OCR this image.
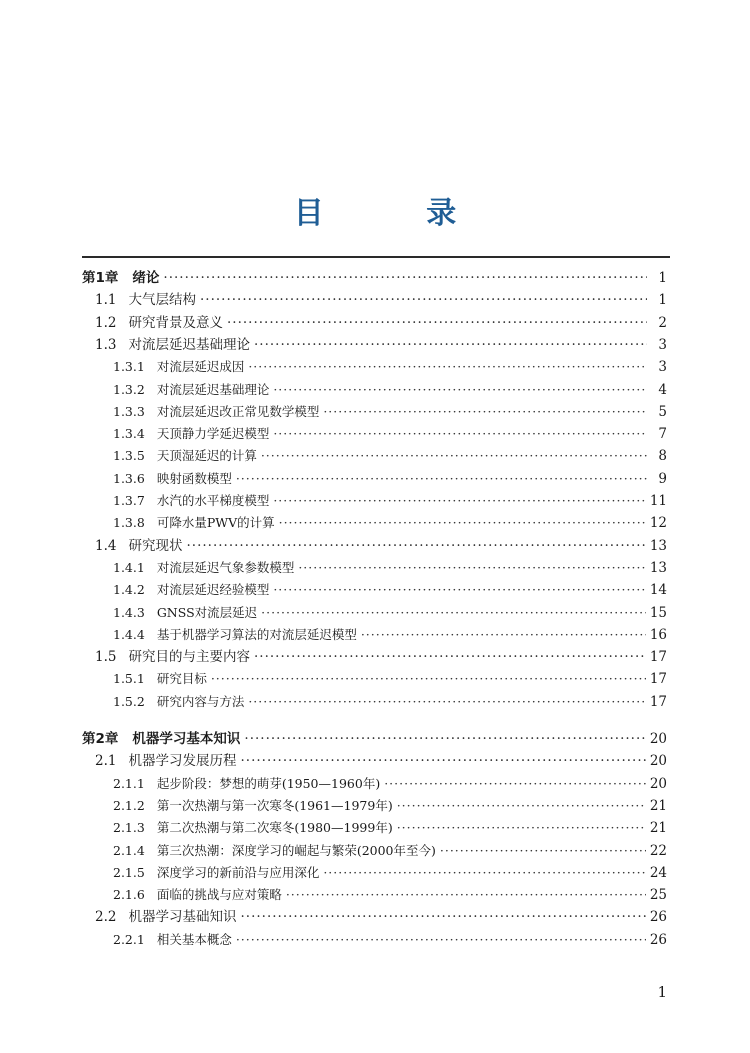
目 录
第1章 绪论 ·····	1
1.1 大气层结构 ·····	1
1.2 研究背景及意义 ·····	2
1.3 对流层延迟基础理论 ·····	3
1.3.1 对流层延迟成因 ·····	3
1.3.2 对流层延迟基础理论 ·····	4
1.3.3 对流层延迟改正常见数学模型 ·····	5
1.3.4 天顶静力学延迟模型 ·····	7
1.3.5 天顶湿延迟的计算 ·····	8
1.3.6 映射函数模型 ·····	9
1.3.7 水汽的水平梯度模型 ·····	11
1.3.8 可降水量PWV的计算 ·····	12
1.4 研究现状 ·····	13
1.4.1 对流层延迟气象参数模型 ·····	13
1.4.2 对流层延迟经验模型 ·····	14
1.4.3 GNSS对流层延迟 ·····	15
1.4.4 基于机器学习算法的对流层延迟模型 ·····	16
1.5 研究目的与主要内容 ·····	17
1.5.1 研究目标 ·····	17
1.5.2 研究内容与方法 ·····	17
第2章 机器学习基本知识 ·····	20
2.1 机器学习发展历程 ·····	20
2.1.1 起步阶段：梦想的萌芽(1950—1960年) ·····	20
2.1.2 第一次热潮与第一次寒冬(1961—1979年) ·····	21
2.1.3 第二次热潮与第二次寒冬(1980—1999年) ·····	21
2.1.4 第三次热潮：深度学习的崛起与繁荣(2000年至今) ·····	22
2.1.5 深度学习的新前沿与应用深化 ·····	24
2.1.6 面临的挑战与应对策略 ·····	25
2.2 机器学习基础知识 ·····	26
2.2.1 相关基本概念 ·····	26
1
